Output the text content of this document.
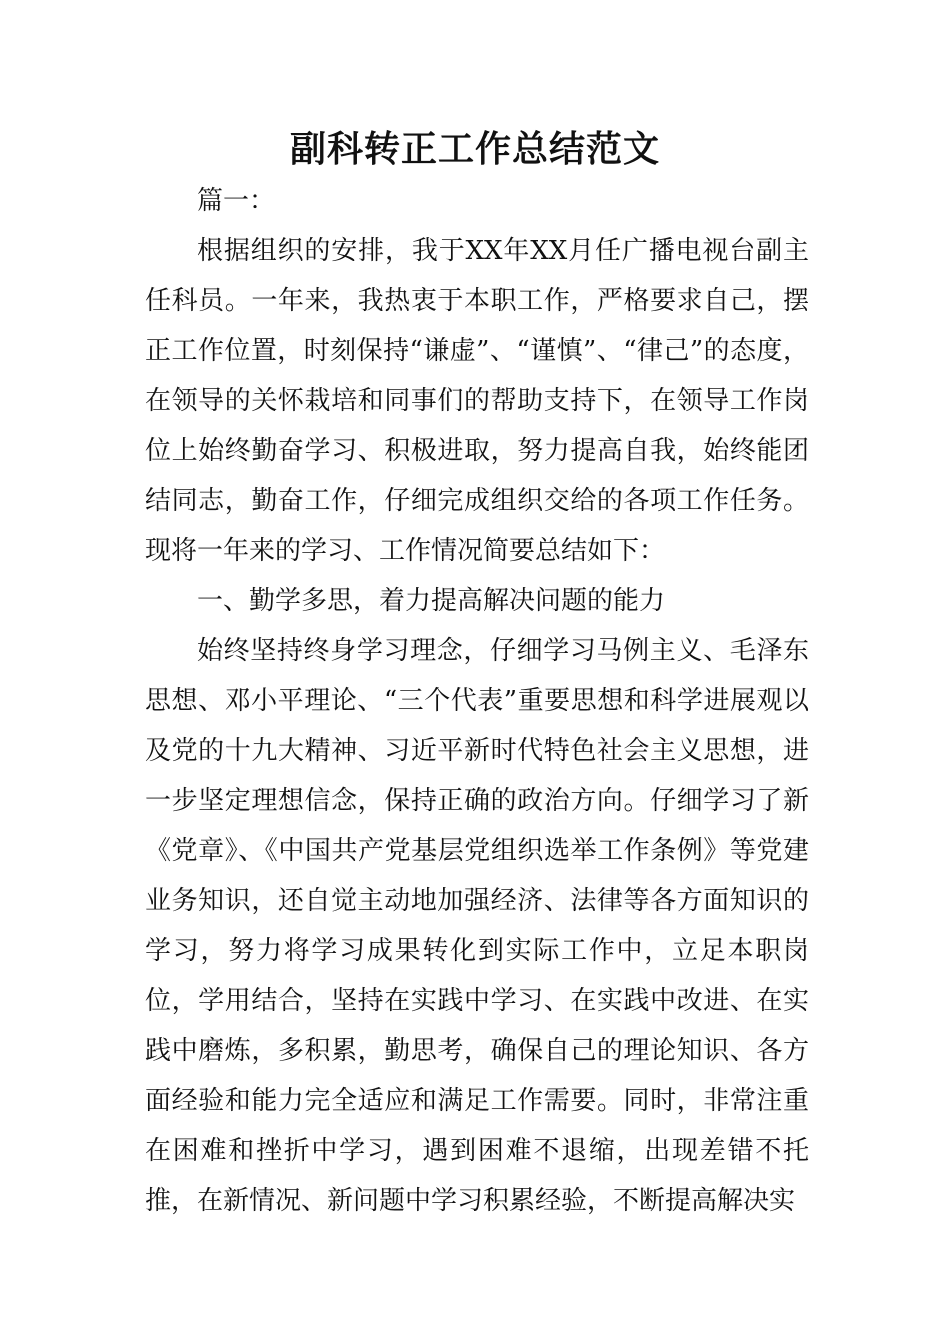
副科转正工作总结范文

篇一：

根据组织的安排，我于XX年XX月任广播电视台副主任科员。一年来，我热衷于本职工作，严格要求自己，摆正工作位置，时刻保持“谦虚”、“谨慎”、“律己”的态度，在领导的关怀栽培和同事们的帮助支持下，在领导工作岗位上始终勤奋学习、积极进取，努力提高自我，始终能团结同志，勤奋工作，仔细完成组织交给的各项工作任务。现将一年来的学习、工作情况简要总结如下：

一、勤学多思，着力提高解决问题的能力

始终坚持终身学习理念，仔细学习马例主义、毛泽东思想、邓小平理论、“三个代表”重要思想和科学进展观以及党的十九大精神、习近平新时代特色社会主义思想，进一步坚定理想信念，保持正确的政治方向。仔细学习了新《党章》、《中国共产党基层党组织选举工作条例》等党建业务知识，还自觉主动地加强经济、法律等各方面知识的学习，努力将学习成果转化到实际工作中，立足本职岗位，学用结合，坚持在实践中学习、在实践中改进、在实践中磨炼，多积累，勤思考，确保自己的理论知识、各方面经验和能力完全适应和满足工作需要。同时，非常注重在困难和挫折中学习，遇到困难不退缩，出现差错不托推，在新情况、新问题中学习积累经验，不断提高解决实
